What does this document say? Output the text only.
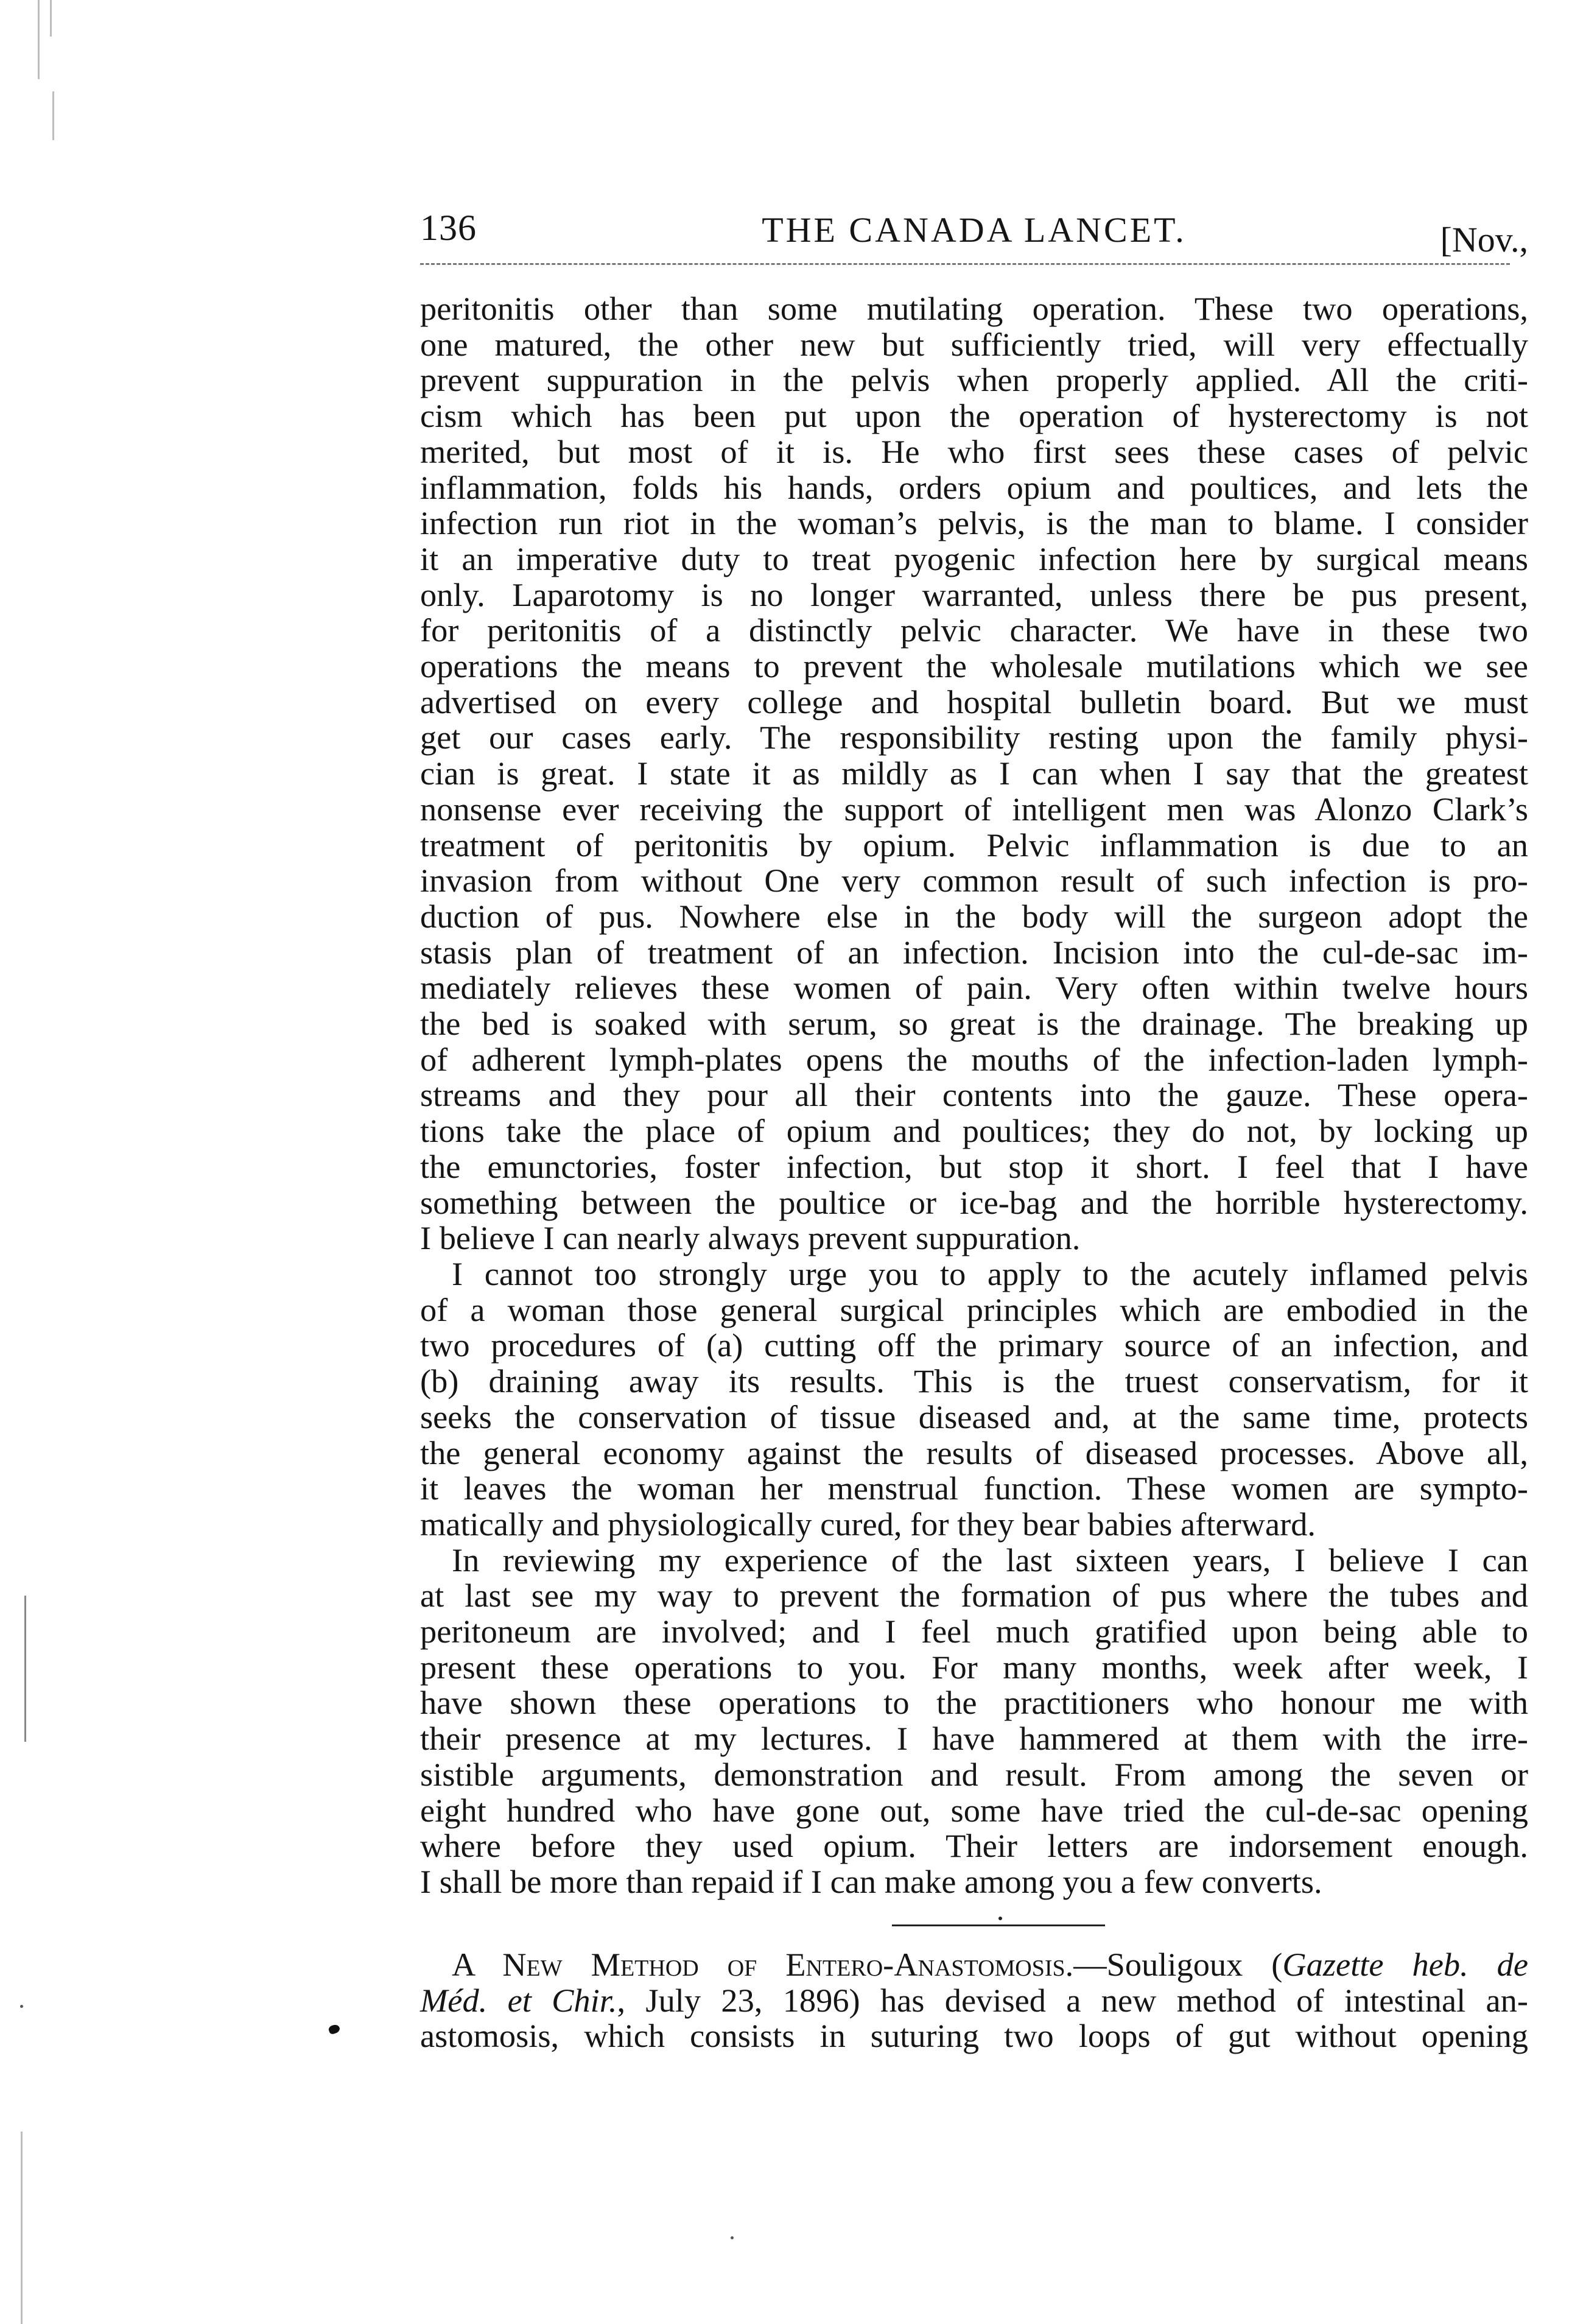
136	THE CANADA LANCET.	[Nov.,

peritonitis other than some mutilating operation. These two operations,
one matured, the other new but sufficiently tried, will very effectually
prevent suppuration in the pelvis when properly applied. All the criti-
cism which has been put upon the operation of hysterectomy is not
merited, but most of it is. He who first sees these cases of pelvic
inflammation, folds his hands, orders opium and poultices, and lets the
infection run riot in the woman’s pelvis, is the man to blame. I consider
it an imperative duty to treat pyogenic infection here by surgical means
only. Laparotomy is no longer warranted, unless there be pus present,
for peritonitis of a distinctly pelvic character. We have in these two
operations the means to prevent the wholesale mutilations which we see
advertised on every college and hospital bulletin board. But we must
get our cases early. The responsibility resting upon the family physi-
cian is great. I state it as mildly as I can when I say that the greatest
nonsense ever receiving the support of intelligent men was Alonzo Clark’s
treatment of peritonitis by opium. Pelvic inflammation is due to an
invasion from without One very common result of such infection is pro-
duction of pus. Nowhere else in the body will the surgeon adopt the
stasis plan of treatment of an infection. Incision into the cul-de-sac im-
mediately relieves these women of pain. Very often within twelve hours
the bed is soaked with serum, so great is the drainage. The breaking up
of adherent lymph-plates opens the mouths of the infection-laden lymph-
streams and they pour all their contents into the gauze. These opera-
tions take the place of opium and poultices; they do not, by locking up
the emunctories, foster infection, but stop it short. I feel that I have
something between the poultice or ice-bag and the horrible hysterectomy.
I believe I can nearly always prevent suppuration.

I cannot too strongly urge you to apply to the acutely inflamed pelvis
of a woman those general surgical principles which are embodied in the
two procedures of (a) cutting off the primary source of an infection, and
(b) draining away its results. This is the truest conservatism, for it
seeks the conservation of tissue diseased and, at the same time, protects
the general economy against the results of diseased processes. Above all,
it leaves the woman her menstrual function. These women are sympto-
matically and physiologically cured, for they bear babies afterward.

In reviewing my experience of the last sixteen years, I believe I can
at last see my way to prevent the formation of pus where the tubes and
peritoneum are involved; and I feel much gratified upon being able to
present these operations to you. For many months, week after week, I
have shown these operations to the practitioners who honour me with
their presence at my lectures. I have hammered at them with the irre-
sistible arguments, demonstration and result. From among the seven or
eight hundred who have gone out, some have tried the cul-de-sac opening
where before they used opium. Their letters are indorsement enough.
I shall be more than repaid if I can make among you a few converts.

A New Method of Entero-Anastomosis.—Souligoux (Gazette heb. de
Méd. et Chir., July 23, 1896) has devised a new method of intestinal an-
astomosis, which consists in suturing two loops of gut without opening
